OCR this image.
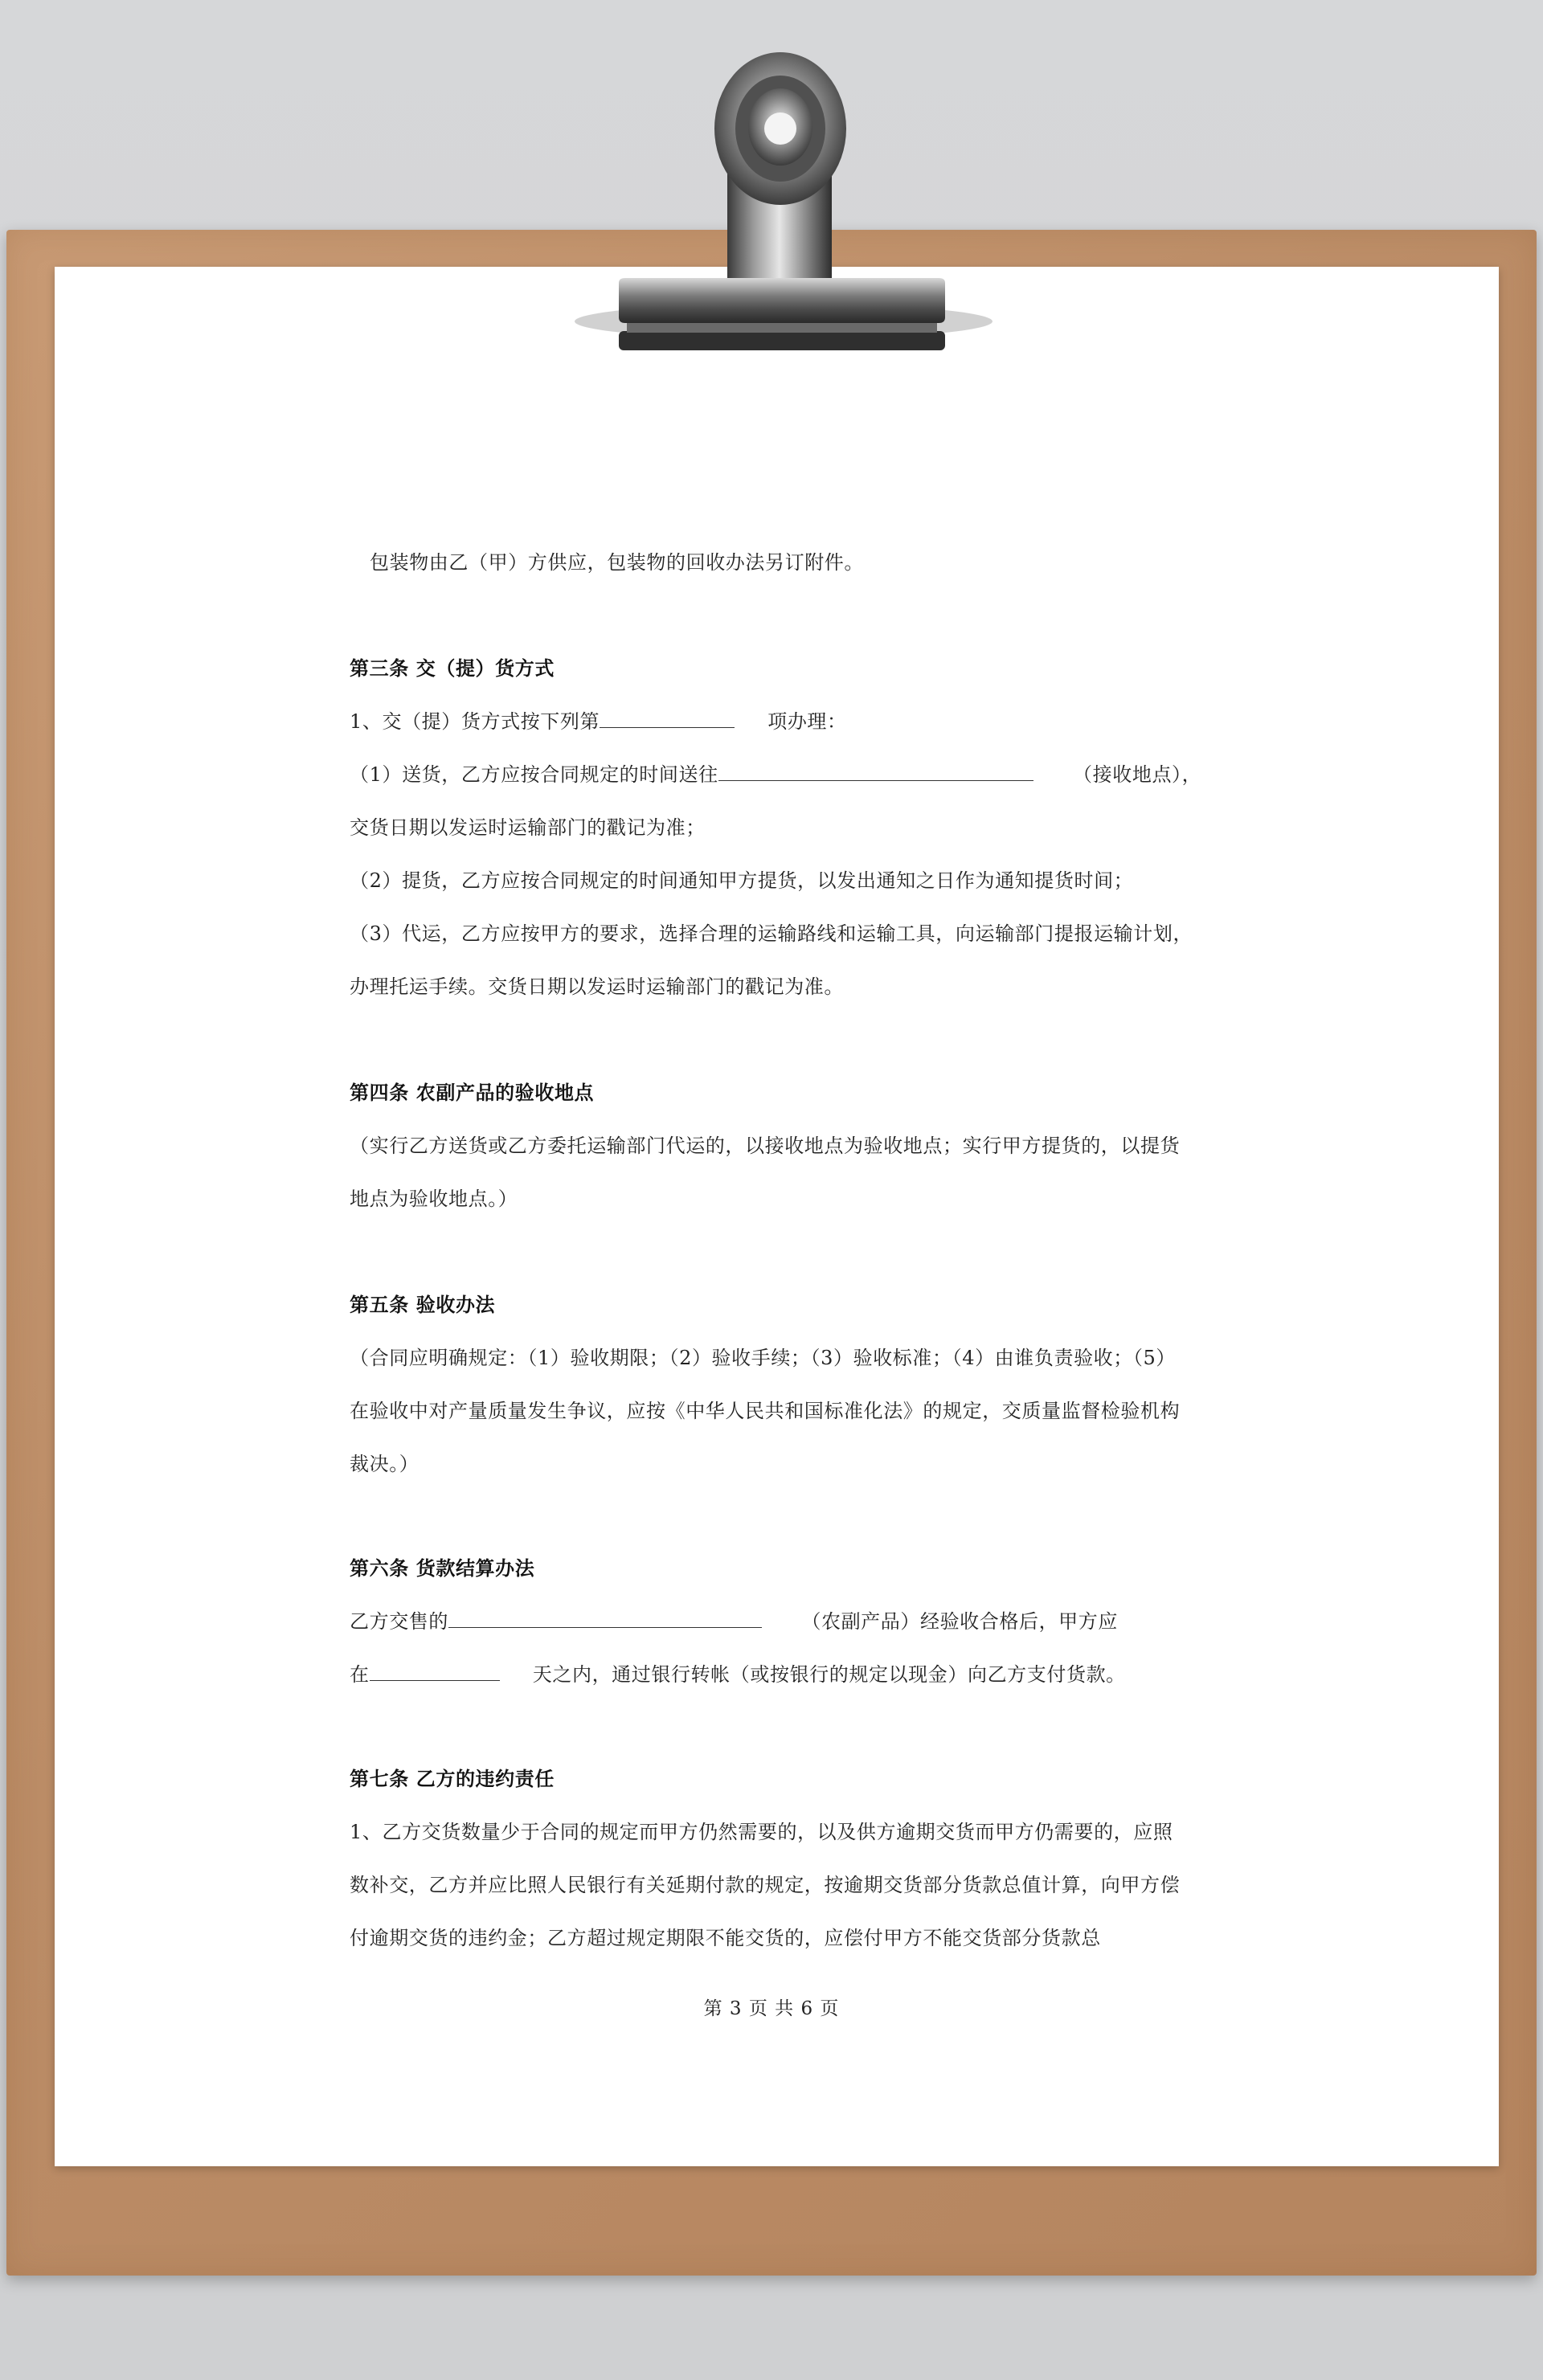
包装物由乙（甲）方供应，包装物的回收办法另订附件。

第三条 交（提）货方式

1、交（提）货方式按下列第	项办理：

（1）送货，乙方应按合同规定的时间送往	（接收地点），

交货日期以发运时运输部门的戳记为准；

（2）提货，乙方应按合同规定的时间通知甲方提货，以发出通知之日作为通知提货时间；

（3）代运，乙方应按甲方的要求，选择合理的运输路线和运输工具，向运输部门提报运输计划，

办理托运手续。交货日期以发运时运输部门的戳记为准。

第四条 农副产品的验收地点

（实行乙方送货或乙方委托运输部门代运的，以接收地点为验收地点；实行甲方提货的，以提货

地点为验收地点。）

第五条 验收办法

（合同应明确规定：（1）验收期限；（2）验收手续；（3）验收标准；（4）由谁负责验收；（5）

在验收中对产量质量发生争议，应按《中华人民共和国标准化法》的规定，交质量监督检验机构

裁决。）

第六条 货款结算办法

乙方交售的	（农副产品）经验收合格后，甲方应

在	天之内，通过银行转帐（或按银行的规定以现金）向乙方支付货款。

第七条 乙方的违约责任

1、乙方交货数量少于合同的规定而甲方仍然需要的，以及供方逾期交货而甲方仍需要的，应照

数补交，乙方并应比照人民银行有关延期付款的规定，按逾期交货部分货款总值计算，向甲方偿

付逾期交货的违约金；乙方超过规定期限不能交货的，应偿付甲方不能交货部分货款总

第 3 页 共 6 页
